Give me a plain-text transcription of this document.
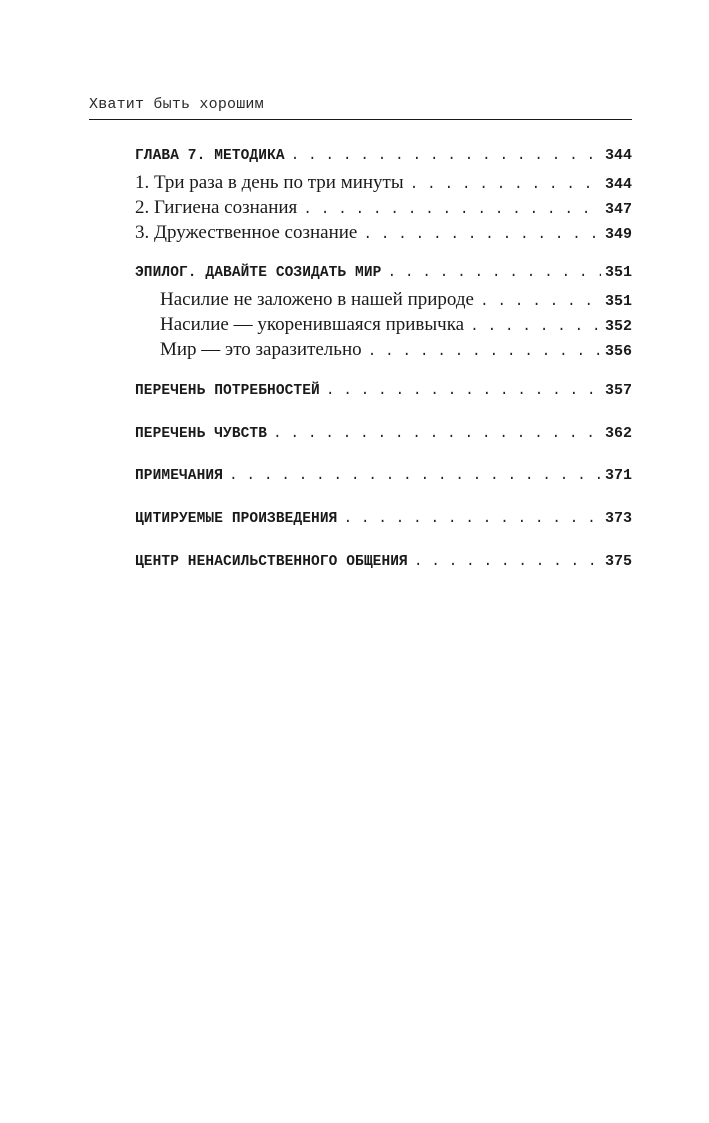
Хватит быть хорошим
ГЛАВА 7. МЕТОДИКА . . .	344
1. Три раза в день по три минуты . . .	344
2. Гигиена сознания . . .	347
3. Дружественное сознание . . .	349
ЭПИЛОГ. ДАВАЙТЕ СОЗИДАТЬ МИР . . .	351
Насилие не заложено в нашей природе . . .	351
Насилие — укоренившаяся привычка . . .	352
Мир — это заразительно . . .	356
ПЕРЕЧЕНЬ ПОТРЕБНОСТЕЙ . . .	357
ПЕРЕЧЕНЬ ЧУВСТВ . . .	362
ПРИМЕЧАНИЯ . . .	371
ЦИТИРУЕМЫЕ ПРОИЗВЕДЕНИЯ . . .	373
ЦЕНТР НЕНАСИЛЬСТВЕННОГО ОБЩЕНИЯ . . .	375
